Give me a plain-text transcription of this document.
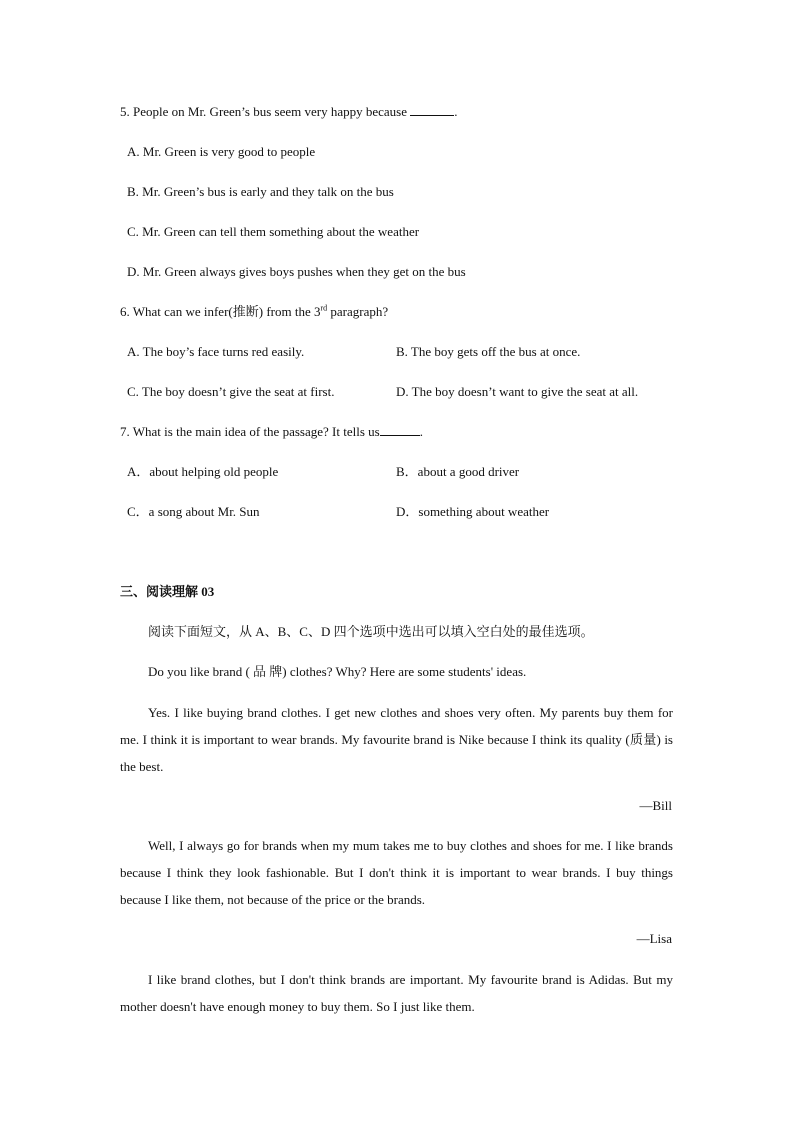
5. People on Mr. Green’s bus seem very happy because	.
A. Mr. Green is very good to people
B. Mr. Green’s bus is early and they talk on the bus
C. Mr. Green can tell them something about the weather
D. Mr. Green always gives boys pushes when they get on the bus
6. What can we infer(推断) from the 3rd paragraph?
A. The boy’s face turns red easily.	B. The boy gets off the bus at once.
C. The boy doesn’t give the seat at first.	D. The boy doesn’t want to give the seat at all.
7. What is the main idea of the passage? It tells us	.
A．about helping old people	B．about a good driver
C．a song about Mr. Sun	D．something about weather
三、阅读理解 03
阅读下面短文，从 A、B、C、D 四个选项中选出可以填入空白处的最佳选项。
Do you like brand ( 品 牌) clothes? Why? Here are some students' ideas.
Yes. I like buying brand clothes. I get new clothes and shoes very often. My parents buy them for me. I think it is important to wear brands. My favourite brand is Nike because I think its quality (质量) is the best.
—Bill
Well, I always go for brands when my mum takes me to buy clothes and shoes for me. I like brands because I think they look fashionable. But I don't think it is important to wear brands. I buy things because I like them, not because of the price or the brands.
—Lisa
I like brand clothes, but I don't think brands are important. My favourite brand is Adidas. But my mother doesn't have enough money to buy them. So I just like them.
